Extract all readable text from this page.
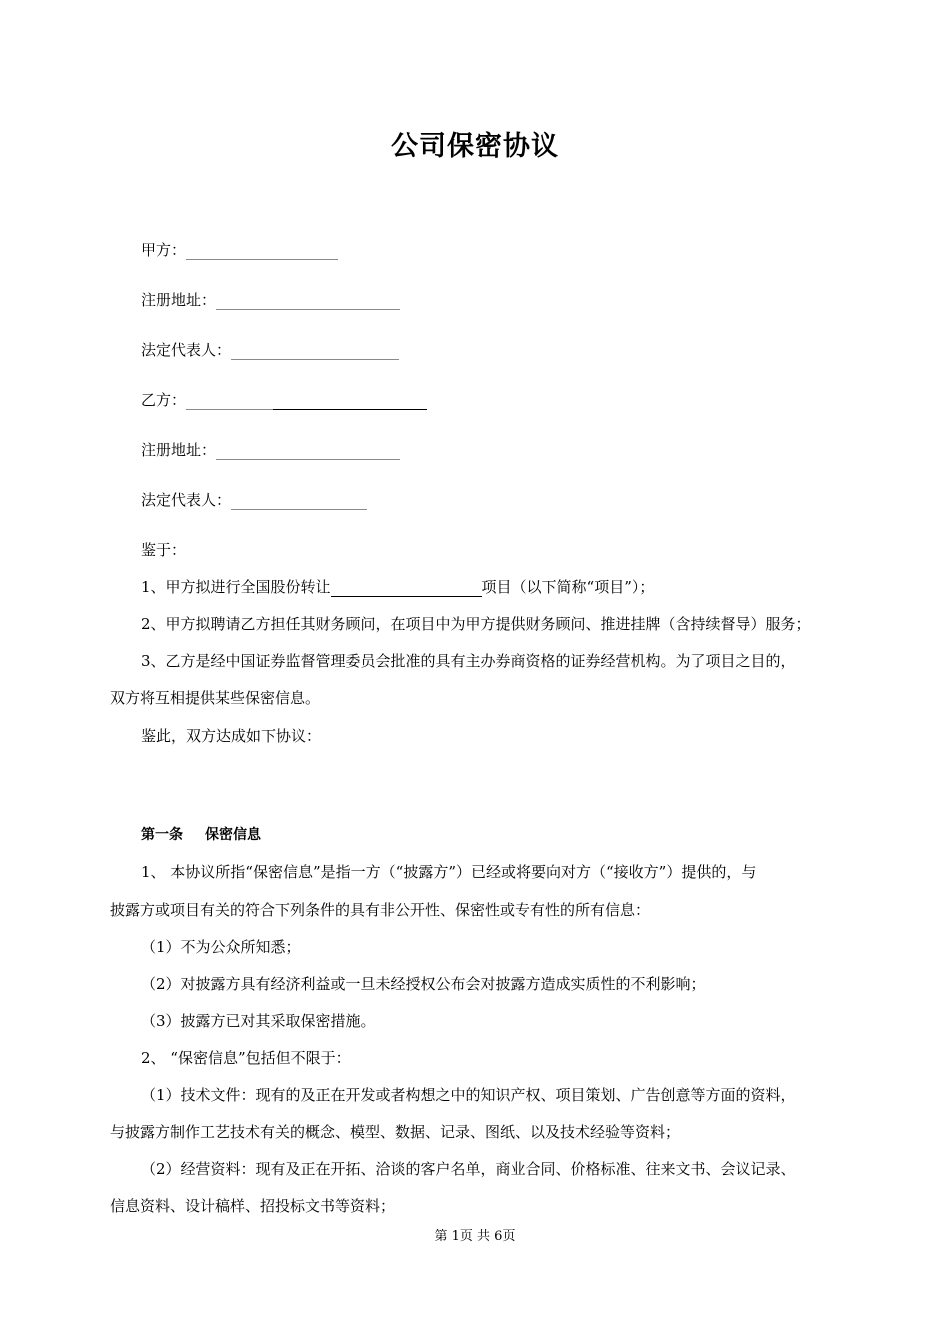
公司保密协议
甲方：
注册地址：
法定代表人：
乙方：
注册地址：
法定代表人：
鉴于：
1、甲方拟进行全国股份转让	项目（以下简称“项目”）；
2、甲方拟聘请乙方担任其财务顾问，在项目中为甲方提供财务顾问、推进挂牌（含持续督导）服务；
3、乙方是经中国证券监督管理委员会批准的具有主办券商资格的证券经营机构。为了项目之目的，
双方将互相提供某些保密信息。
鉴此，双方达成如下协议：
第一条 保密信息
1、 本协议所指“保密信息”是指一方（“披露方”）已经或将要向对方（“接收方”）提供的，与
披露方或项目有关的符合下列条件的具有非公开性、保密性或专有性的所有信息：
（1）不为公众所知悉；
（2）对披露方具有经济利益或一旦未经授权公布会对披露方造成实质性的不利影响；
（3）披露方已对其采取保密措施。
2、 “保密信息”包括但不限于：
（1）技术文件：现有的及正在开发或者构想之中的知识产权、项目策划、广告创意等方面的资料，
与披露方制作工艺技术有关的概念、模型、数据、记录、图纸、以及技术经验等资料；
（2）经营资料：现有及正在开拓、洽谈的客户名单，商业合同、价格标准、往来文书、会议记录、
信息资料、设计稿样、招投标文书等资料；
第 1页 共 6页
